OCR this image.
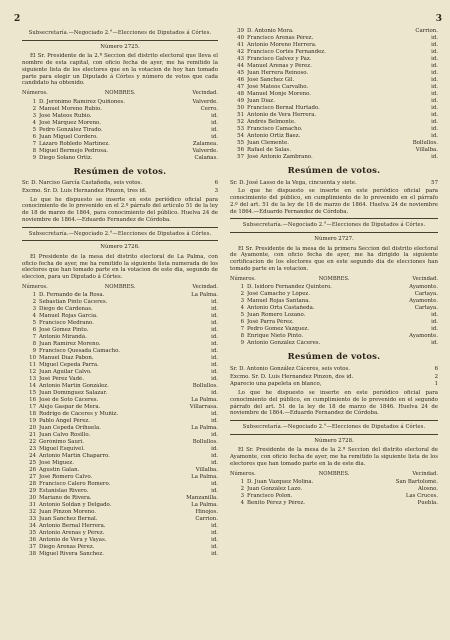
2	3
Subsecretaría.—Negociado 2.°—Elecciones de Diputados á Córtes.
Número 2725.
El Sr. Presidente de la 2.ª Seccion del distrito electoral que lleva el nombre de esta capital, con oficio fecha de ayer, me ha remitido la siguiente lista de los electores que en la votacion de hoy han tomado parte para elegir un Diputado á Córtes y número de votos que cada candidato ha obtenido.
Números.	NOMBRES.	Vecindad.
1 D. Jerónimo Ramírez Quiñones.	Valverde.
2 Manuel Moreno Rubio.	Cerro.
3 José Mateos Rubio.	id.
4 José Márquez Moreno.	id.
5 Pedro González Tirado.	id.
6 Juan Miguel Cordero.	id.
7 Lázaro Robledo Martínez.	Zalamea.
8 Miguel Bermejo Pedrosa.	Valverde.
9 Diego Solano Ortiz.	Calañas.
Resúmen de votos.
Sr. D. Narciso García Castañeda, seis votos.	6
Excmo. Sr. D. Luis Hernandez Pinzon, tres id.	3
Lo que he dispuesto se inserte en este periódico oficial para conocimiento de lo prevenido en el 2.º párrafo del artículo 51 de la ley de 18 de marzo de 1864, para conocimiento del público. Huelva 24 de noviembre de 1864.—Eduardo Fernandez de Córdoba.
Subsecretaría.—Negociado 2.°—Elecciones de Diputados á Córtes.
Número 2726.
El Presidente de la mesa del distrito electoral de La Palma, con oficio fecha de ayer, me ha remitido la siguiente lista numerada de los electores que han tomado parte en la votacion de este dia, segundo de eleccion, para un Diputado á Córtes.
Números.	NOMBRES.	Vecindad.
1 D. Fernando de la Rosa.	La Palma.
2 Sebastian Pinto Cáceres.	id.
3 Diego de Cárdenas.	id.
4 Manuel Rojas García.	id.
5 Francisco Medrano.	id.
6 José Gómez Pinto.	id.
7 Antonio Mirandá.	id.
8 Juan Ramírez Moreno.	id.
9 Francisco Quesada Camacho.	id.
10 Manuel Díaz Pabon.	id.
11 Miguel Cepeda Parra.	id.
12 Juan Aguilar Calvo.	id.
13 José Pérez Vadé.	id.
14 Antonio Martín González.	Bollullos.
15 Juan Domínguez Salazar.	id.
16 José de Soto Cáceres.	La Palma.
17 Alejo Gaspar de Mera.	Villarrasa.
18 Rodrigo de Cáceres y Muñiz.	id.
19 Pablo Ángel Pérez.	id.
20 Juan Cepeda Orihuela.	La Palma.
21 Juan Calvo Rosillo.	id.
22 Gerónimo Sauri.	Bollullos.
23 Miguel Esquivel.	id.
24 Antonio Martín Chaparro.	id.
25 José Míguez.	id.
26 Agustín Galan.	Villalba.
27 José Romero Calvo.	La Palma.
28 Francisco Calero Romero.	id.
29 Estanislao Rivero.	id.
30 Mariano de Rivera.	Manzanilla.
31 Antonio Soldan y Delgado.	La Palma.
32 Juan Pinzon Moreno.	Hinojos.
33 Juan Sanchez Bernal.	Carrion.
34 Antonio Bernal Herrera.	id.
35 Antonio Arenas y Pérez.	id.
36 Antonio de Vera y Vayas.	id.
37 Diego Arenas Pérez.	id.
38 Miguel Rivera Sanchez.	id.
39 D. Antonio Mora.	Carrion.
40 Francisco Arenas Pérez.	id.
41 Antonio Moreno Herrera.	id.
42 Francisco Cortés Fernandez.	id.
43 Francisco Galvez y Paz.	id.
44 Manuel Arenas y Pérez.	id.
45 Juan Herrera Reinoso.	id.
46 José Sanchez Gil.	id.
47 José Mateos Carvalho.	id.
48 Manuel Monje Moreno.	id.
49 Juan Díaz.	id.
50 Francisco Bernal Hurtado.	id.
51 Antonio de Vera Herrera.	id.
52 Andrés Belmonte.	id.
53 Francisco Camacho.	id.
54 Antonio Ortiz Baez.	id.
55 Juan Clemente.	Bollullos.
56 Rafael de Salas.	Villalba.
57 José Antonio Zambrano.	id.
Resúmen de votos.
Sr. D. José Lasso de la Vega, cincuenta y siete.	57
Lo que he dispuesto se inserte en este periódico oficial para conocimiento del público, en cumplimiento de lo prevenido en el párrafo 2.º del art. 51 de la ley de 18 de marzo de 1864. Huelva 24 de noviembre de 1864.—Eduardo Fernandez de Córdoba.
Subsecretaría.—Negociado 2.°—Elecciones de Diputados á Córtes.
Número 2727.
El Sr. Presidente de la mesa de la primera Seccion del distrito electoral de Ayamonte, con oficio fecha de ayer, me ha dirigido la siguiente certificacion de los electores que en este segundo dia de elecciones han tomado parte en la votacion.
Números.	NOMBRES.	Vecindad.
1 D. Isidoro Fernandez Quintero.	Ayamonte.
2 José Camacho y López.	Cartaya.
3 Manuel Rojas Santana.	Ayamonte.
4 Antonio Orta Castañeda.	Cartaya.
5 Juan Romero Lozano.	id.
6 José Parra Pérez.	id.
7 Pedro Gomez Vazquez.	id.
8 Enrique Nieto Pinto.	Ayamonte.
9 Antonio González Cáceres.	id.
Resúmen de votos.
Sr. D. Antonio González Cáceres, seis votos.	6
Excmo. Sr. D. Luis Hernandez Pinzon, dos id.	2
Aparecio una papeleta en blanco,	1
Lo que he dispuesto se inserte en este periódico oficial para conocimiento del público, en cumplimiento de lo prevenido en el segundo párrafo del art. 51 de la ley de 18 de marzo de 1846. Huelva 24 de noviembre de 1864.—Eduardo Fernandez de Córdoba.
Subsecretaría.—Negociado 2.°—Elecciones de Diputados á Córtes.
Número 2728.
El Sr. Presidente de la mesa de la 2.ª Seccion del distrito electoral de Ayamonte, con oficio fecha de ayer, me ha remitido la siguiente lista de los electores que han tomado parte en la de este dia.
Números.	NOMBRES.	Vecindad.
1 D. Juan Vazquez Molina.	San Bartolomé.
2 Juan González Lazo.	Alosno.
3 Francisco Polon.	Las Cruces.
4 Benito Pérez y Pérez.	Puebla.
